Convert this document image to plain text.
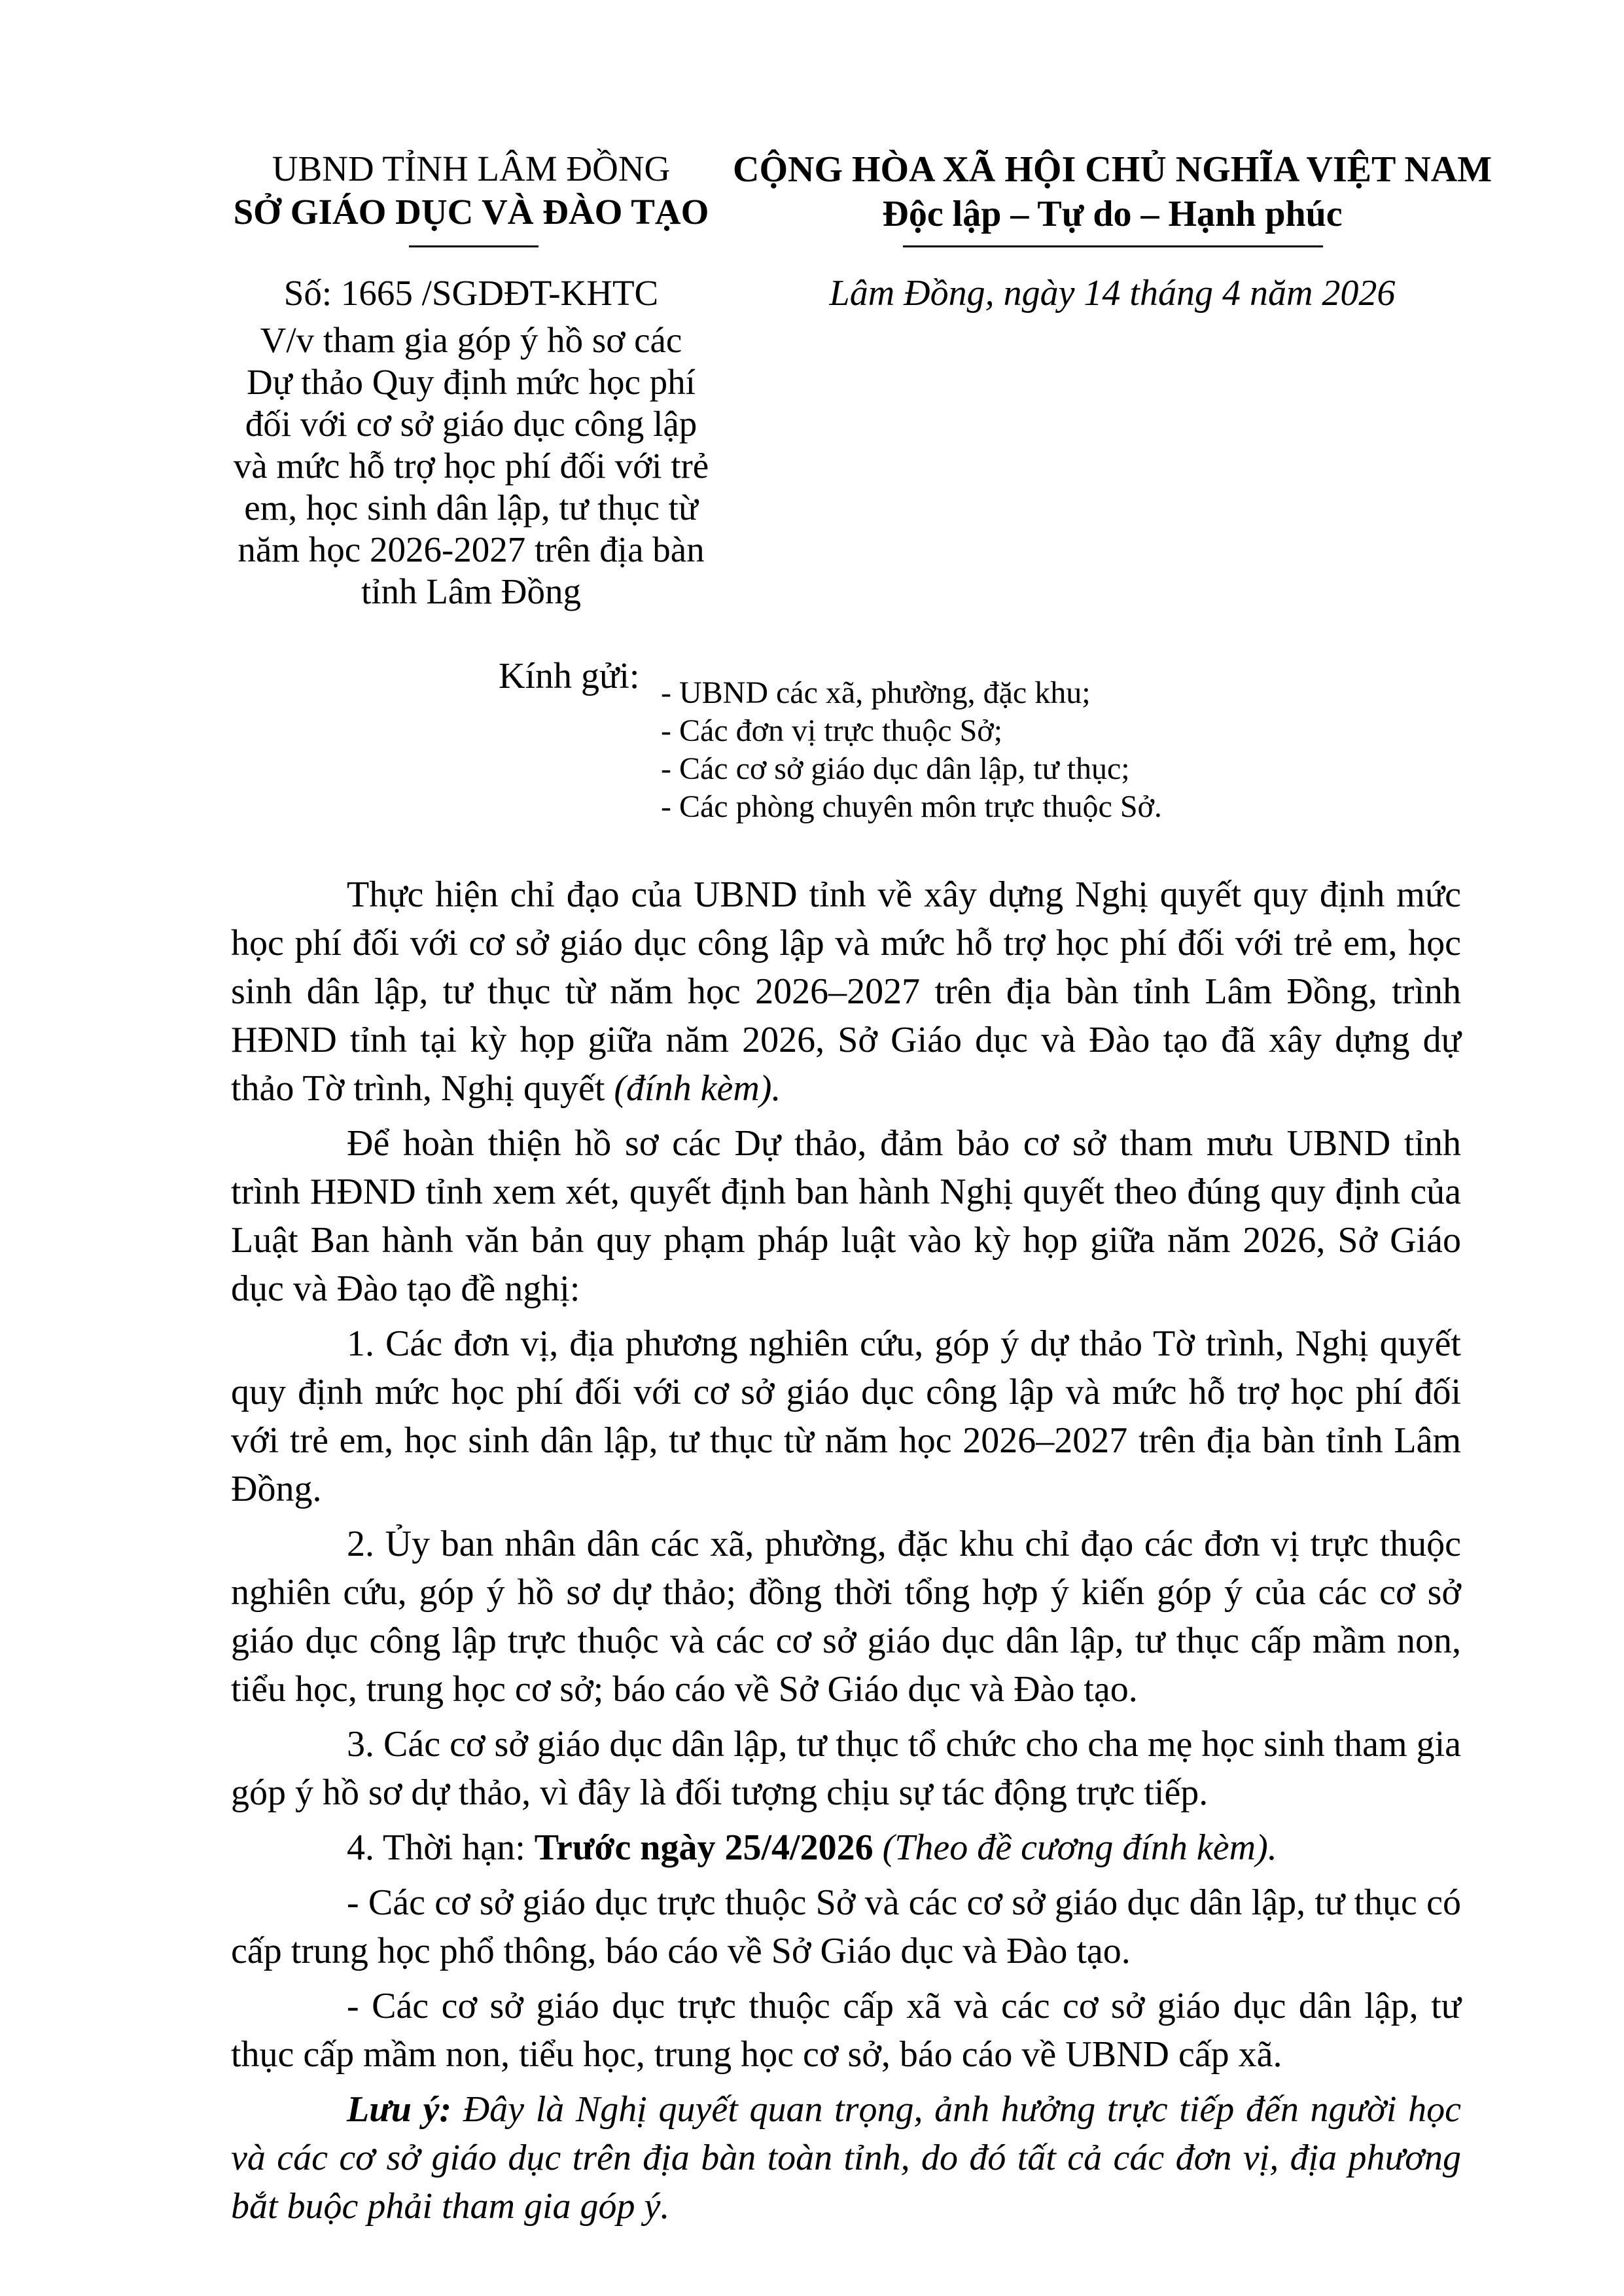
UBND TỈNH LÂM ĐỒNG
SỞ GIÁO DỤC VÀ ĐÀO TẠO
Số: 1665 /SGDĐT-KHTC
V/v tham gia góp ý hồ sơ các
Dự thảo Quy định mức học phí
đối với cơ sở giáo dục công lập
và mức hỗ trợ học phí đối với trẻ
em, học sinh dân lập, tư thục từ
năm học 2026-2027 trên địa bàn
tỉnh Lâm Đồng
CỘNG HÒA XÃ HỘI CHỦ NGHĨA VIỆT NAM
Độc lập – Tự do – Hạnh phúc
Lâm Đồng, ngày 14 tháng 4 năm 2026
Kính gửi: - UBND các xã, phường, đặc khu;
- Các đơn vị trực thuộc Sở;
- Các cơ sở giáo dục dân lập, tư thục;
- Các phòng chuyên môn trực thuộc Sở.

Thực hiện chỉ đạo của UBND tỉnh về xây dựng Nghị quyết quy định mức học phí đối với cơ sở giáo dục công lập và mức hỗ trợ học phí đối với trẻ em, học sinh dân lập, tư thục từ năm học 2026–2027 trên địa bàn tỉnh Lâm Đồng, trình HĐND tỉnh tại kỳ họp giữa năm 2026, Sở Giáo dục và Đào tạo đã xây dựng dự thảo Tờ trình, Nghị quyết (đính kèm).

Để hoàn thiện hồ sơ các Dự thảo, đảm bảo cơ sở tham mưu UBND tỉnh trình HĐND tỉnh xem xét, quyết định ban hành Nghị quyết theo đúng quy định của Luật Ban hành văn bản quy phạm pháp luật vào kỳ họp giữa năm 2026, Sở Giáo dục và Đào tạo đề nghị:

1. Các đơn vị, địa phương nghiên cứu, góp ý dự thảo Tờ trình, Nghị quyết quy định mức học phí đối với cơ sở giáo dục công lập và mức hỗ trợ học phí đối với trẻ em, học sinh dân lập, tư thục từ năm học 2026–2027 trên địa bàn tỉnh Lâm Đồng.

2. Ủy ban nhân dân các xã, phường, đặc khu chỉ đạo các đơn vị trực thuộc nghiên cứu, góp ý hồ sơ dự thảo; đồng thời tổng hợp ý kiến góp ý của các cơ sở giáo dục công lập trực thuộc và các cơ sở giáo dục dân lập, tư thục cấp mầm non, tiểu học, trung học cơ sở; báo cáo về Sở Giáo dục và Đào tạo.

3. Các cơ sở giáo dục dân lập, tư thục tổ chức cho cha mẹ học sinh tham gia góp ý hồ sơ dự thảo, vì đây là đối tượng chịu sự tác động trực tiếp.

4. Thời hạn: Trước ngày 25/4/2026 (Theo đề cương đính kèm).

- Các cơ sở giáo dục trực thuộc Sở và các cơ sở giáo dục dân lập, tư thục có cấp trung học phổ thông, báo cáo về Sở Giáo dục và Đào tạo.

- Các cơ sở giáo dục trực thuộc cấp xã và các cơ sở giáo dục dân lập, tư thục cấp mầm non, tiểu học, trung học cơ sở, báo cáo về UBND cấp xã.

Lưu ý: Đây là Nghị quyết quan trọng, ảnh hưởng trực tiếp đến người học và các cơ sở giáo dục trên địa bàn toàn tỉnh, do đó tất cả các đơn vị, địa phương bắt buộc phải tham gia góp ý.
